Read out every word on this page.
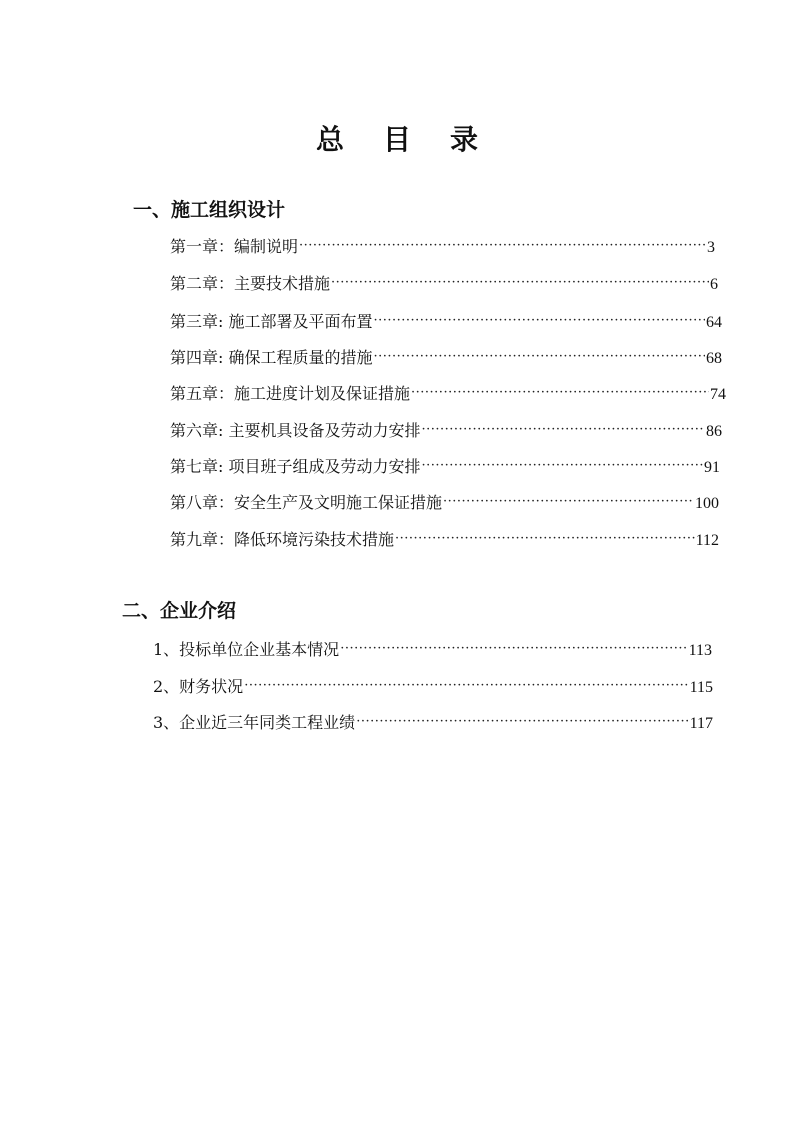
总    目    录
一、施工组织设计
二、企业介绍
第一章：编制说明 ·····	3
第二章：主要技术措施 ·····	6
第三章: 施工部署及平面布置 ·····	64
第四章: 确保工程质量的措施 ·····	68
第五章：施工进度计划及保证措施 ·····	74
第六章: 主要机具设备及劳动力安排 ·····	86
第七章: 项目班子组成及劳动力安排 ·····	91
第八章：安全生产及文明施工保证措施 ·····	100
第九章：降低环境污染技术措施 ·····	112
1、投标单位企业基本情况 ·····	113
2、财务状况 ·····	115
3、企业近三年同类工程业绩 ·····	117
